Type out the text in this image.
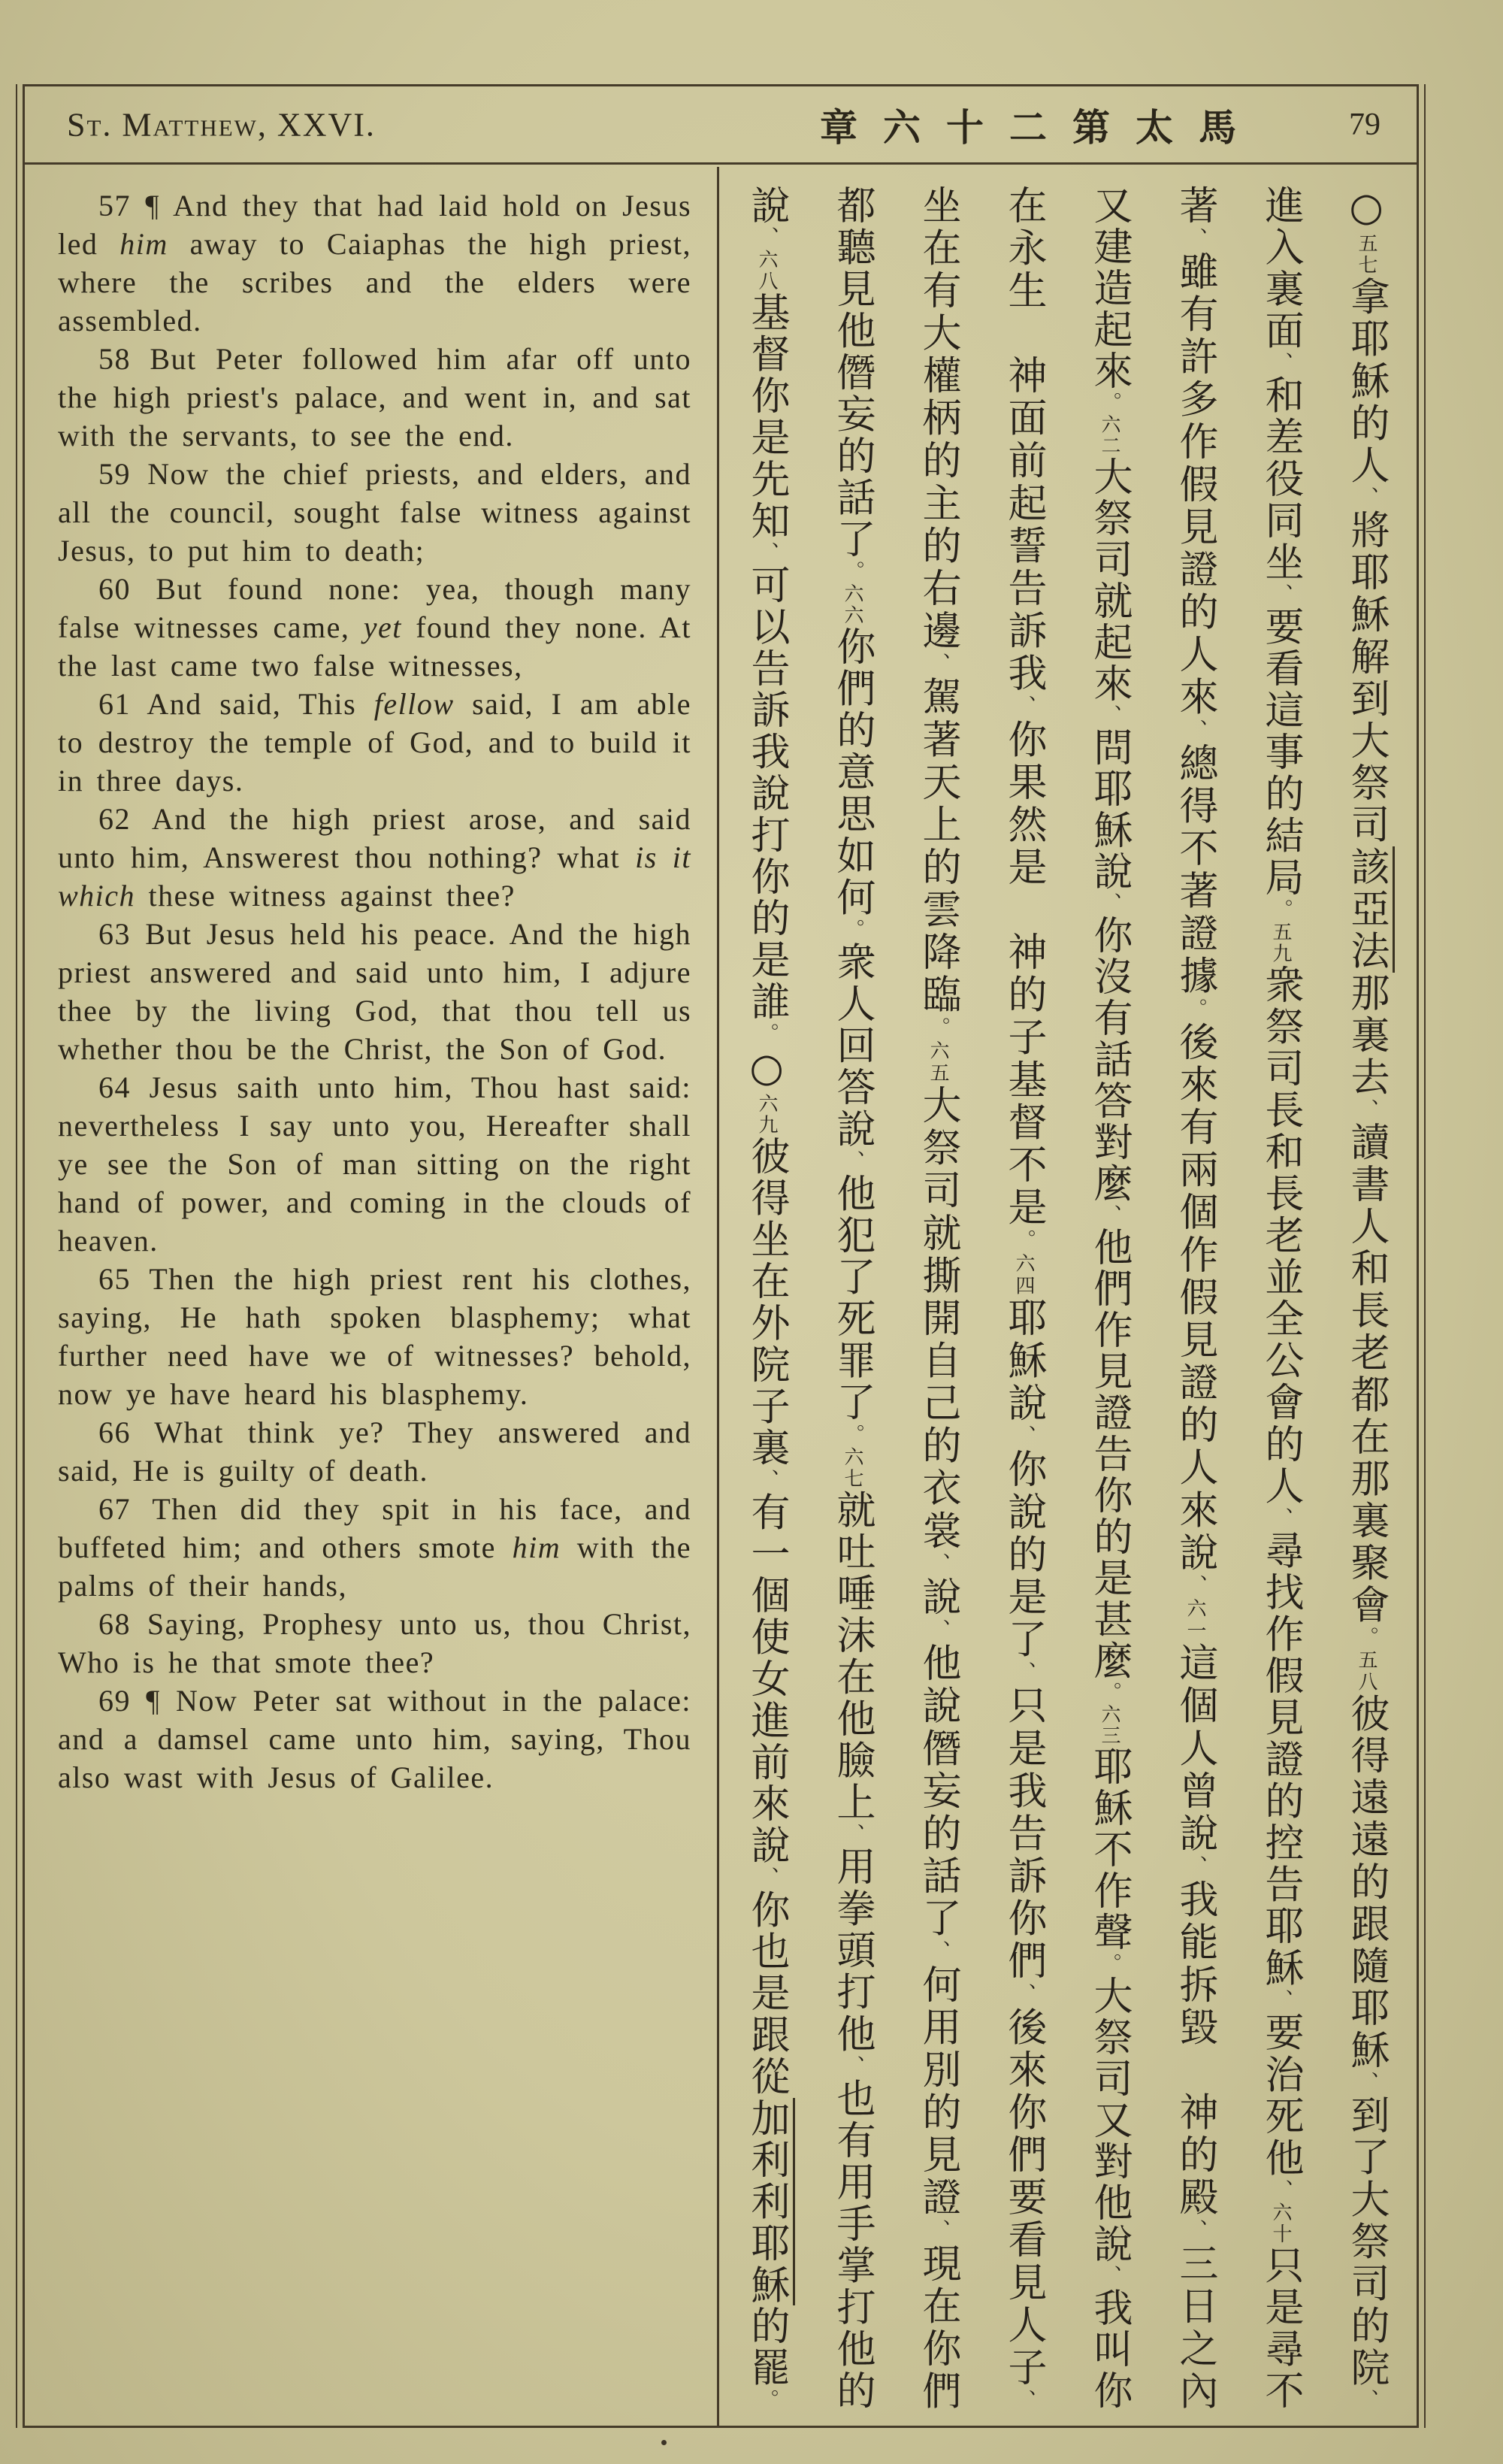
St. Matthew, XXVI.	章六十二第太馬	79

57 ¶ And they that had laid hold on Jesus led him away to Caiaphas the high priest, where the scribes and the elders were assembled.

58 But Peter followed him afar off unto the high priest's palace, and went in, and sat with the servants, to see the end.

59 Now the chief priests, and elders, and all the council, sought false witness against Jesus, to put him to death;

60 But found none: yea, though many false witnesses came, yet found they none. At the last came two false witnesses,

61 And said, This fellow said, I am able to destroy the temple of God, and to build it in three days.

62 And the high priest arose, and said unto him, Answerest thou nothing? what is it which these witness against thee?

63 But Jesus held his peace. And the high priest answered and said unto him, I adjure thee by the living God, that thou tell us whether thou be the Christ, the Son of God.

64 Jesus saith unto him, Thou hast said: nevertheless I say unto you, Hereafter shall ye see the Son of man sitting on the right hand of power, and coming in the clouds of heaven.

65 Then the high priest rent his clothes, saying, He hath spoken blasphemy; what further need have we of witnesses? behold, now ye have heard his blasphemy.

66 What think ye? They answered and said, He is guilty of death.

67 Then did they spit in his face, and buffeted him; and others smote him with the palms of their hands,

68 Saying, Prophesy unto us, thou Christ, Who is he that smote thee?

69 ¶ Now Peter sat without in the palace: and a damsel came unto him, saying, Thou also wast with Jesus of Galilee.

○五七拿耶穌的人、將耶穌解到大祭司該亞法那裏去、讀書人和長老都在那裏聚會。五八彼得遠遠的跟隨耶穌、到了大祭司的院、
進入裏面、和差役同坐、要看這事的結局。五九衆祭司長和長老並全公會的人、尋找作假見證的控告耶穌、要治死他、六十只是尋不
著、雖有許多作假見證的人來、總得不著證據。後來有兩個作假見證的人來說、六一這個人曾說、我能拆毀　神的殿、三日之內
又建造起來。六二大祭司就起來、問耶穌說、你沒有話答對麼、他們作見證告你的是甚麼。六三耶穌不作聲。大祭司又對他說、我叫你
在永生　神面前起誓告訴我、你果然是　神的子基督不是。六四耶穌說、你說的是了、只是我告訴你們、後來你們要看見人子、
坐在有大權柄的主的右邊、駕著天上的雲降臨。六五大祭司就撕開自己的衣裳、說、他說僭妄的話了、何用別的見證、現在你們
都聽見他僭妄的話了。六六你們的意思如何。衆人回答說、他犯了死罪了。六七就吐唾沫在他臉上、用拳頭打他、也有用手掌打他的
說、六八基督你是先知、可以告訴我說打你的是誰。○六九彼得坐在外院子裏、有一個使女進前來說、你也是跟從加利利耶穌的罷。
